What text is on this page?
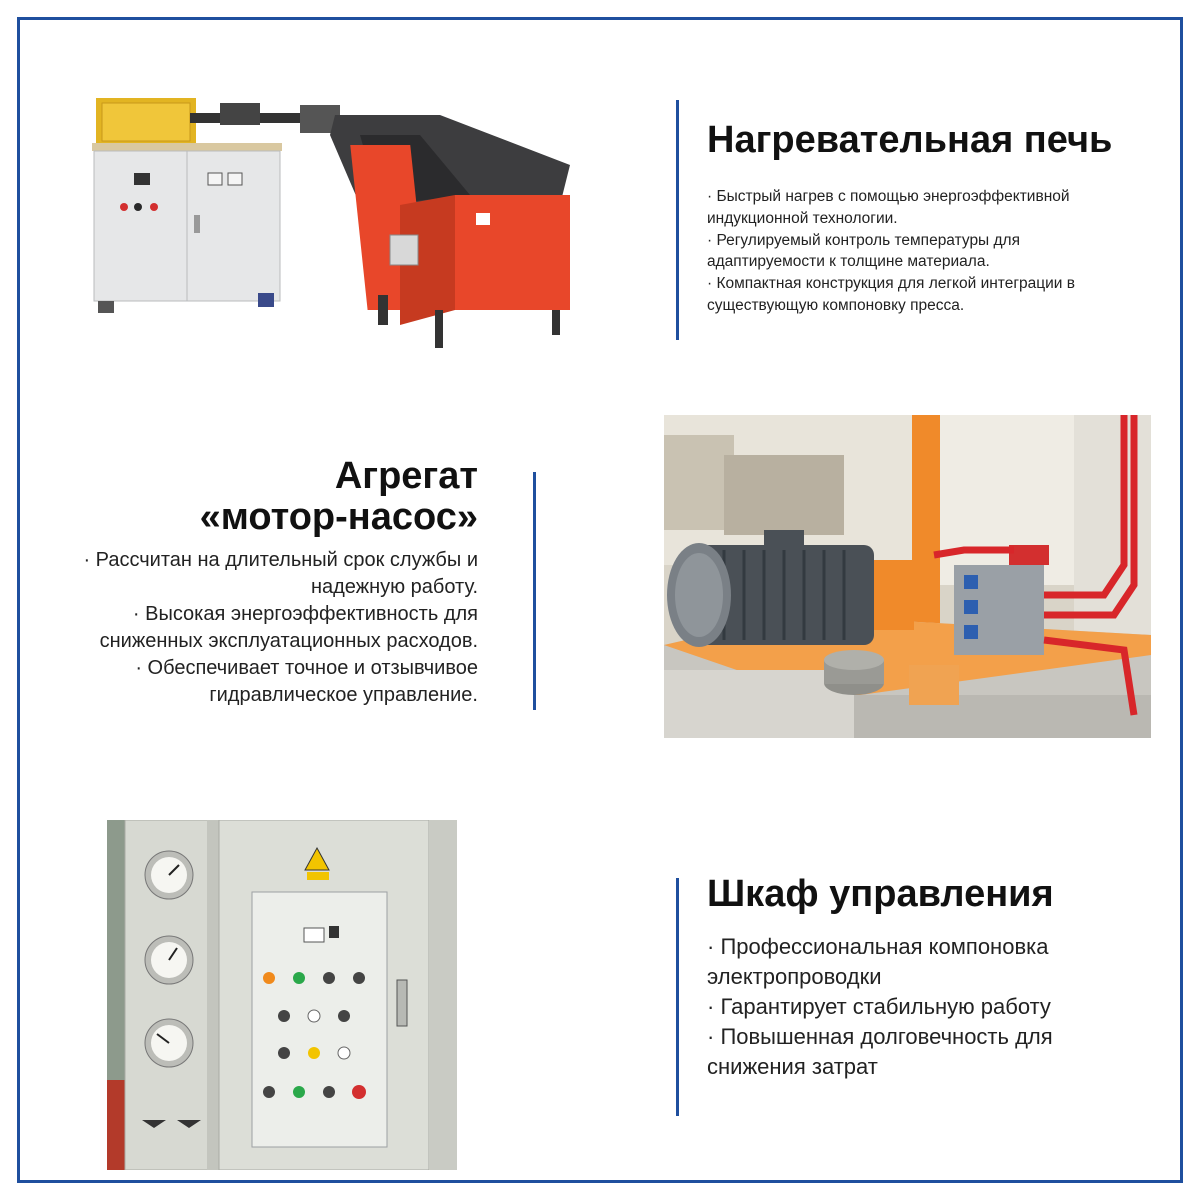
Нагревательная печь

· Быстрый нагрев с помощью энергоэффективной индукционной технологии.

· Регулируемый контроль температуры для адаптируемости к толщине материала.

· Компактная конструкция для легкой интеграции в существующую компоновку пресса.

Агрегат
«мотор-насос»

· Рассчитан на длительный срок службы и надежную работу.

· Высокая энергоэффективность для сниженных эксплуатационных расходов.

· Обеспечивает точное и отзывчивое гидравлическое управление.

Шкаф управления

· Профессиональная компоновка электропроводки

· Гарантирует стабильную работу

· Повышенная долговечность для снижения затрат
